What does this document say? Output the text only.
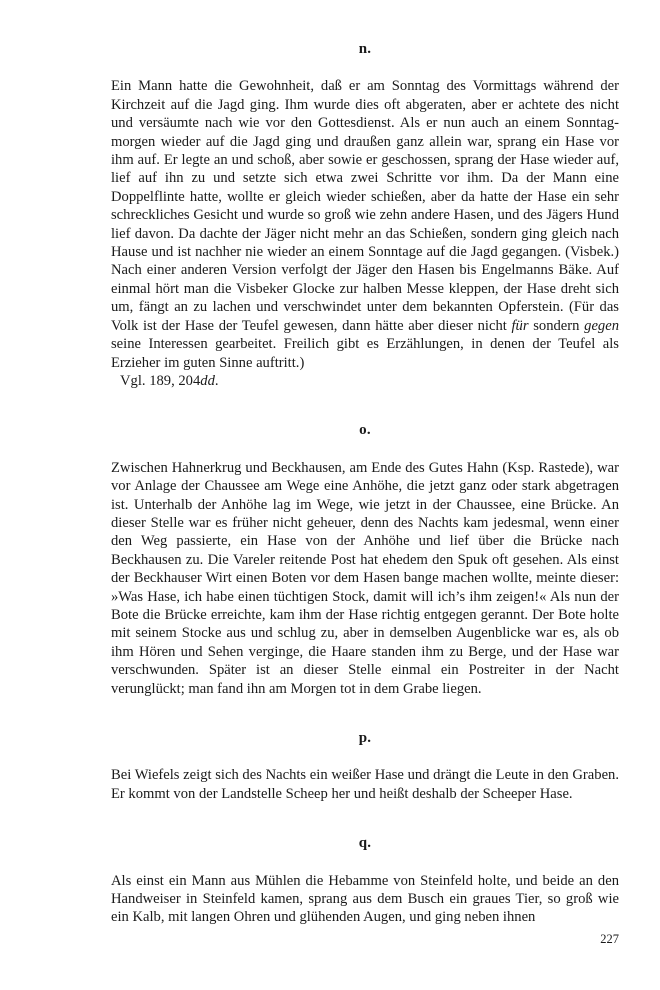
n.

Ein Mann hatte die Gewohnheit, daß er am Sonntag des Vormittags während der Kirchzeit auf die Jagd ging. Ihm wurde dies oft abgeraten, aber er achtete des nicht und versäumte nach wie vor den Gottesdienst. Als er nun auch an einem Sonntagmorgen wieder auf die Jagd ging und draußen ganz allein war, sprang ein Hase vor ihm auf. Er legte an und schoß, aber sowie er geschossen, sprang der Hase wieder auf, lief auf ihn zu und setzte sich etwa zwei Schritte vor ihm. Da der Mann eine Doppelflinte hatte, wollte er gleich wieder schießen, aber da hatte der Hase ein sehr schreckliches Gesicht und wurde so groß wie zehn andere Hasen, und des Jägers Hund lief davon. Da dachte der Jäger nicht mehr an das Schießen, sondern ging gleich nach Hause und ist nachher nie wieder an einem Sonntage auf die Jagd gegangen. (Visbek.) Nach einer anderen Version verfolgt der Jäger den Hasen bis Engelmanns Bäke. Auf einmal hört man die Visbeker Glocke zur halben Messe kleppen, der Hase dreht sich um, fängt an zu lachen und verschwindet unter dem bekannten Opferstein. (Für das Volk ist der Hase der Teufel gewesen, dann hätte aber dieser nicht für sondern gegen seine Interessen gearbeitet. Freilich gibt es Erzählungen, in denen der Teufel als Erzieher im guten Sinne auftritt.)

Vgl. 189, 204dd.

o.

Zwischen Hahnerkrug und Beckhausen, am Ende des Gutes Hahn (Ksp. Rastede), war vor Anlage der Chaussee am Wege eine Anhöhe, die jetzt ganz oder stark abgetragen ist. Unterhalb der Anhöhe lag im Wege, wie jetzt in der Chaussee, eine Brücke. An dieser Stelle war es früher nicht geheuer, denn des Nachts kam jedesmal, wenn einer den Weg passierte, ein Hase von der Anhöhe und lief über die Brücke nach Beckhausen zu. Die Vareler reitende Post hat ehedem den Spuk oft gesehen. Als einst der Beckhauser Wirt einen Boten vor dem Hasen bange machen wollte, meinte dieser: »Was Hase, ich habe einen tüchtigen Stock, damit will ich’s ihm zeigen!« Als nun der Bote die Brücke erreichte, kam ihm der Hase richtig entgegen gerannt. Der Bote holte mit seinem Stocke aus und schlug zu, aber in demselben Augenblicke war es, als ob ihm Hören und Sehen verginge, die Haare standen ihm zu Berge, und der Hase war verschwunden. Später ist an dieser Stelle einmal ein Postreiter in der Nacht verunglückt; man fand ihn am Morgen tot in dem Grabe liegen.

p.

Bei Wiefels zeigt sich des Nachts ein weißer Hase und drängt die Leute in den Graben. Er kommt von der Landstelle Scheep her und heißt deshalb der Scheeper Hase.

q.

Als einst ein Mann aus Mühlen die Hebamme von Steinfeld holte, und beide an den Handweiser in Steinfeld kamen, sprang aus dem Busch ein graues Tier, so groß wie ein Kalb, mit langen Ohren und glühenden Augen, und ging neben ihnen

227
